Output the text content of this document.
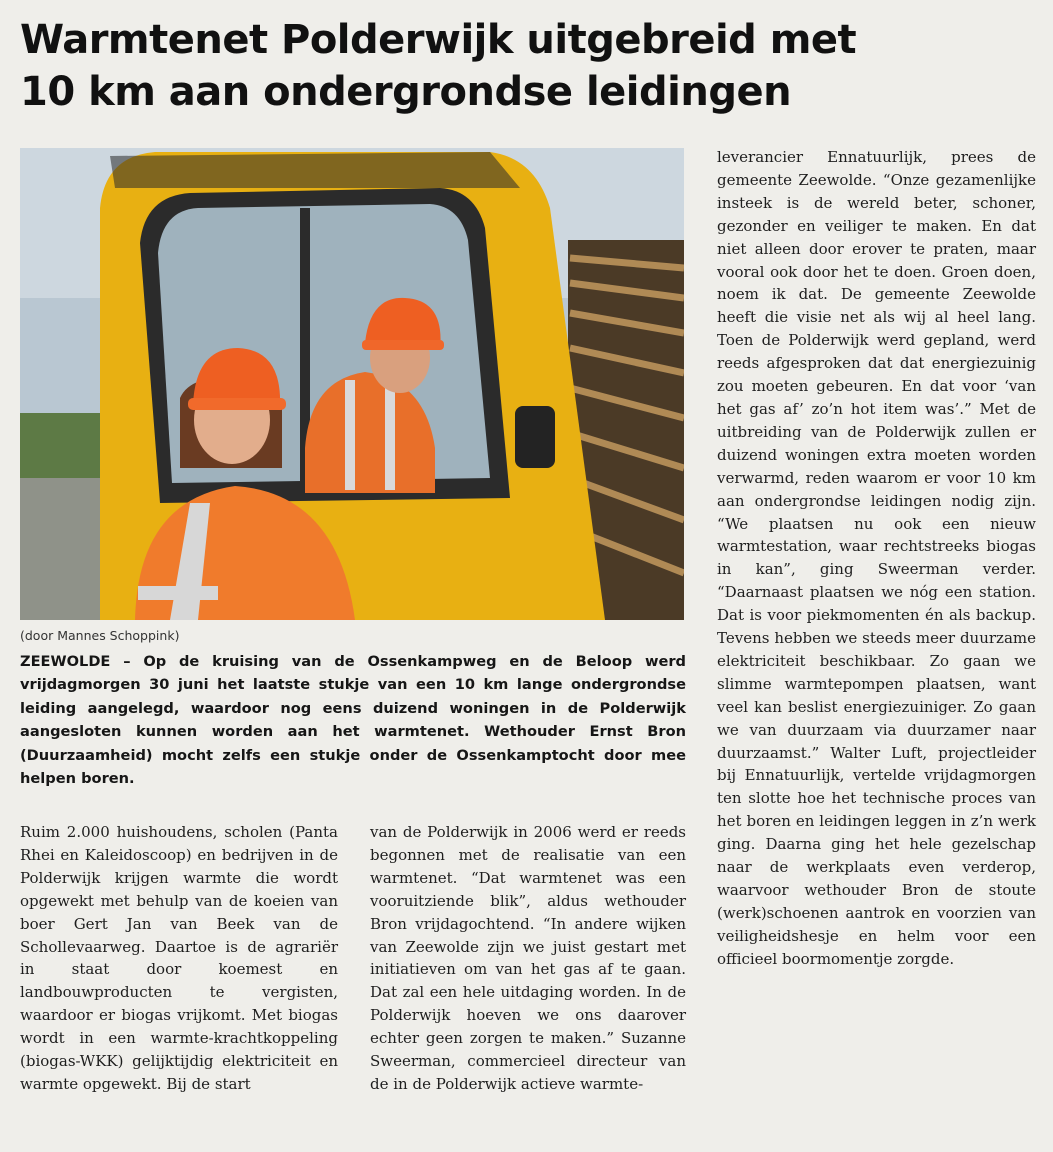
Warmtenet Polderwijk uitgebreid met
10 km aan ondergrondse leidingen
(door Mannes Schoppink)

ZEEWOLDE – Op de kruising van de Ossenkampweg en de Beloop werd vrijdagmorgen 30 juni het laatste stukje van een 10 km lange ondergrondse leiding aangelegd, waardoor nog eens duizend woningen in de Polderwijk aangesloten kunnen worden aan het warmtenet. Wethouder Ernst Bron (Duurzaamheid) mocht zelfs een stukje onder de Ossenkamptocht door mee helpen boren.

Ruim 2.000 huishoudens, scholen (Panta Rhei en Kaleidoscoop) en bedrijven in de Polderwijk krijgen warmte die wordt opgewekt met behulp van de koeien van boer Gert Jan van Beek van de Schollevaarweg. Daartoe is de agrariër in staat door koemest en landbouwproducten te vergisten, waardoor er biogas vrijkomt. Met biogas wordt in een warmte-krachtkoppeling (biogas-WKK) gelijktijdig elektriciteit en warmte opgewekt. Bij de start

van de Polderwijk in 2006 werd er reeds begonnen met de realisatie van een warmtenet. “Dat warmtenet was een vooruitziende blik”, aldus wethouder Bron vrijdagochtend. “In andere wijken van Zeewolde zijn we juist gestart met initiatieven om van het gas af te gaan. Dat zal een hele uitdaging worden. In de Polderwijk hoeven we ons daarover echter geen zorgen te maken.” Suzanne Sweerman, commercieel directeur van de in de Polderwijk actieve warmte-

leverancier Ennatuurlijk, prees de gemeente Zeewolde. “Onze gezamenlijke insteek is de wereld beter, schoner, gezonder en veiliger te maken. En dat niet alleen door erover te praten, maar vooral ook door het te doen. Groen doen, noem ik dat. De gemeente Zeewolde heeft die visie net als wij al heel lang. Toen de Polderwijk werd gepland, werd reeds afgesproken dat dat energiezuinig zou moeten gebeuren. En dat voor ‘van het gas af’ zo’n hot item was’.” Met de uitbreiding van de Polderwijk zullen er duizend woningen extra moeten worden verwarmd, reden waarom er voor 10 km aan ondergrondse leidingen nodig zijn. “We plaatsen nu ook een nieuw warmtestation, waar rechtstreeks biogas in kan”, ging Sweerman verder. “Daarnaast plaatsen we nóg een station. Dat is voor piekmomenten én als backup. Tevens hebben we steeds meer duurzame elektriciteit beschikbaar. Zo gaan we slimme warmtepompen plaatsen, want veel kan beslist energiezuiniger. Zo gaan we van duurzaam via duurzamer naar duurzaamst.” Walter Luft, projectleider bij Ennatuurlijk, vertelde vrijdagmorgen ten slotte hoe het technische proces van het boren en leidingen leggen in z’n werk ging. Daarna ging het hele gezelschap naar de werkplaats even verderop, waarvoor wethouder Bron de stoute (werk)schoenen aantrok en voorzien van veiligheidshesje en helm voor een officieel boormomentje zorgde.
